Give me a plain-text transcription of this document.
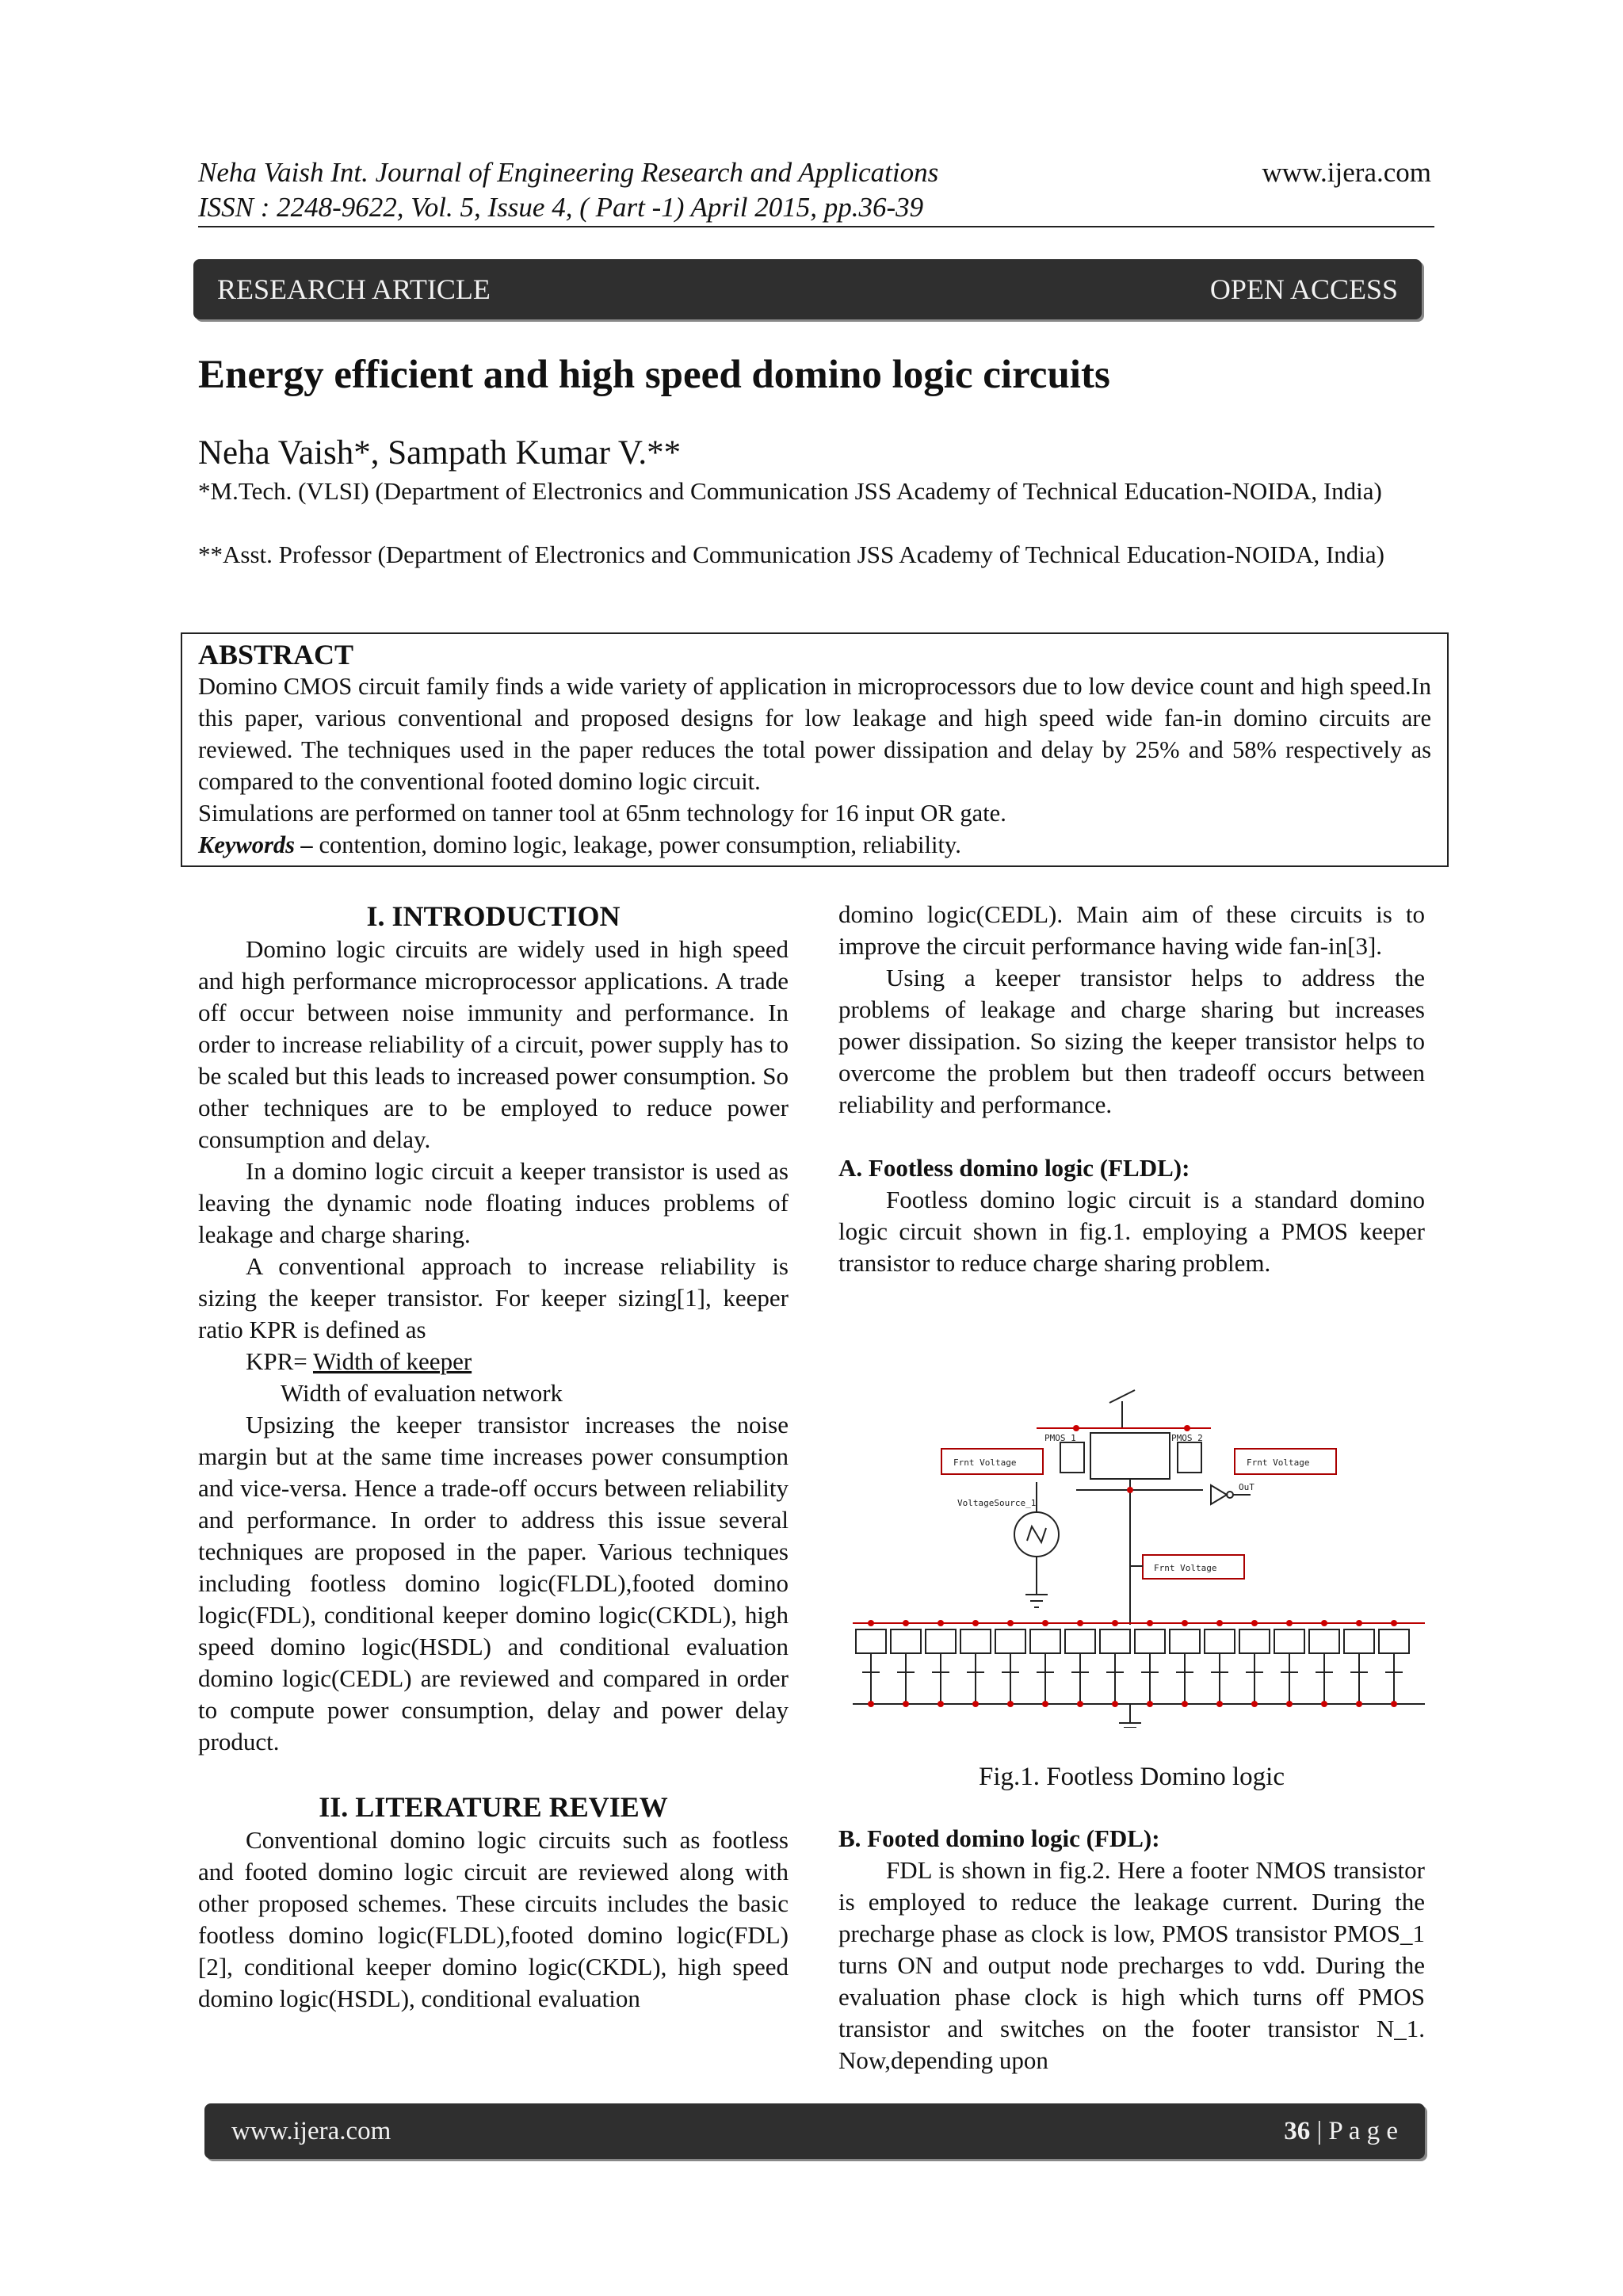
Neha Vaish Int. Journal of Engineering Research and Applications
ISSN : 2248-9622, Vol. 5, Issue 4, ( Part -1) April 2015, pp.36-39
www.ijera.com
RESEARCH ARTICLE	OPEN ACCESS
Energy efficient and high speed domino logic circuits
Neha Vaish*, Sampath Kumar V.**
*M.Tech. (VLSI) (Department of Electronics and Communication JSS Academy of Technical Education-NOIDA, India)
**Asst. Professor (Department of Electronics and Communication JSS Academy of Technical Education-NOIDA, India)
ABSTRACT

Domino CMOS circuit family finds a wide variety of application in microprocessors due to low device count and high speed.In this paper, various conventional and proposed designs for low leakage and high speed wide fan-in domino circuits are reviewed. The techniques used in the paper reduces the total power dissipation and delay by 25% and 58% respectively as compared to the conventional footed domino logic circuit.

Simulations are performed on tanner tool at 65nm technology for 16 input OR gate.

Keywords – contention, domino logic, leakage, power consumption, reliability.

I. INTRODUCTION

Domino logic circuits are widely used in high speed and high performance microprocessor applications. A trade off occur between noise immunity and performance. In order to increase reliability of a circuit, power supply has to be scaled but this leads to increased power consumption. So other techniques are to be employed to reduce power consumption and delay.

In a domino logic circuit a keeper transistor is used as leaving the dynamic node floating induces problems of leakage and charge sharing.

A conventional approach to increase reliability is sizing the keeper transistor. For keeper sizing[1], keeper ratio KPR is defined as

KPR= Width of keeper

Width of evaluation network

Upsizing the keeper transistor increases the noise margin but at the same time increases power consumption and vice-versa. Hence a trade-off occurs between reliability and performance. In order to address this issue several techniques are proposed in the paper. Various techniques including footless domino logic(FLDL),footed domino logic(FDL), conditional keeper domino logic(CKDL), high speed domino logic(HSDL) and conditional evaluation domino logic(CEDL) are reviewed and compared in order to compute power consumption, delay and power delay product.

II. LITERATURE REVIEW

Conventional domino logic circuits such as footless and footed domino logic circuit are reviewed along with other proposed schemes. These circuits includes the basic footless domino logic(FLDL),footed domino logic(FDL)[2], conditional keeper domino logic(CKDL), high speed domino logic(HSDL), conditional evaluation

domino logic(CEDL). Main aim of these circuits is to improve the circuit performance having wide fan-in[3].

Using a keeper transistor helps to address the problems of leakage and charge sharing but increases power dissipation. So sizing the keeper transistor helps to overcome the problem but then tradeoff occurs between reliability and performance.

A. Footless domino logic (FLDL):

Footless domino logic circuit is a standard domino logic circuit shown in fig.1. employing a PMOS keeper transistor to reduce charge sharing problem.

Frnt Voltage	Frnt Voltage
Frnt Voltage
VoltageSource_1
PMOS_1	PMOS_2
OuT
Fig.1. Footless Domino logic

B. Footed domino logic (FDL):

FDL is shown in fig.2. Here a footer NMOS transistor is employed to reduce the leakage current. During the precharge phase as clock is low, PMOS transistor PMOS_1 turns ON and output node precharges to vdd. During the evaluation phase clock is high which turns off PMOS transistor and switches on the footer transistor N_1. Now,depending upon

www.ijera.com	36 | P a g e
